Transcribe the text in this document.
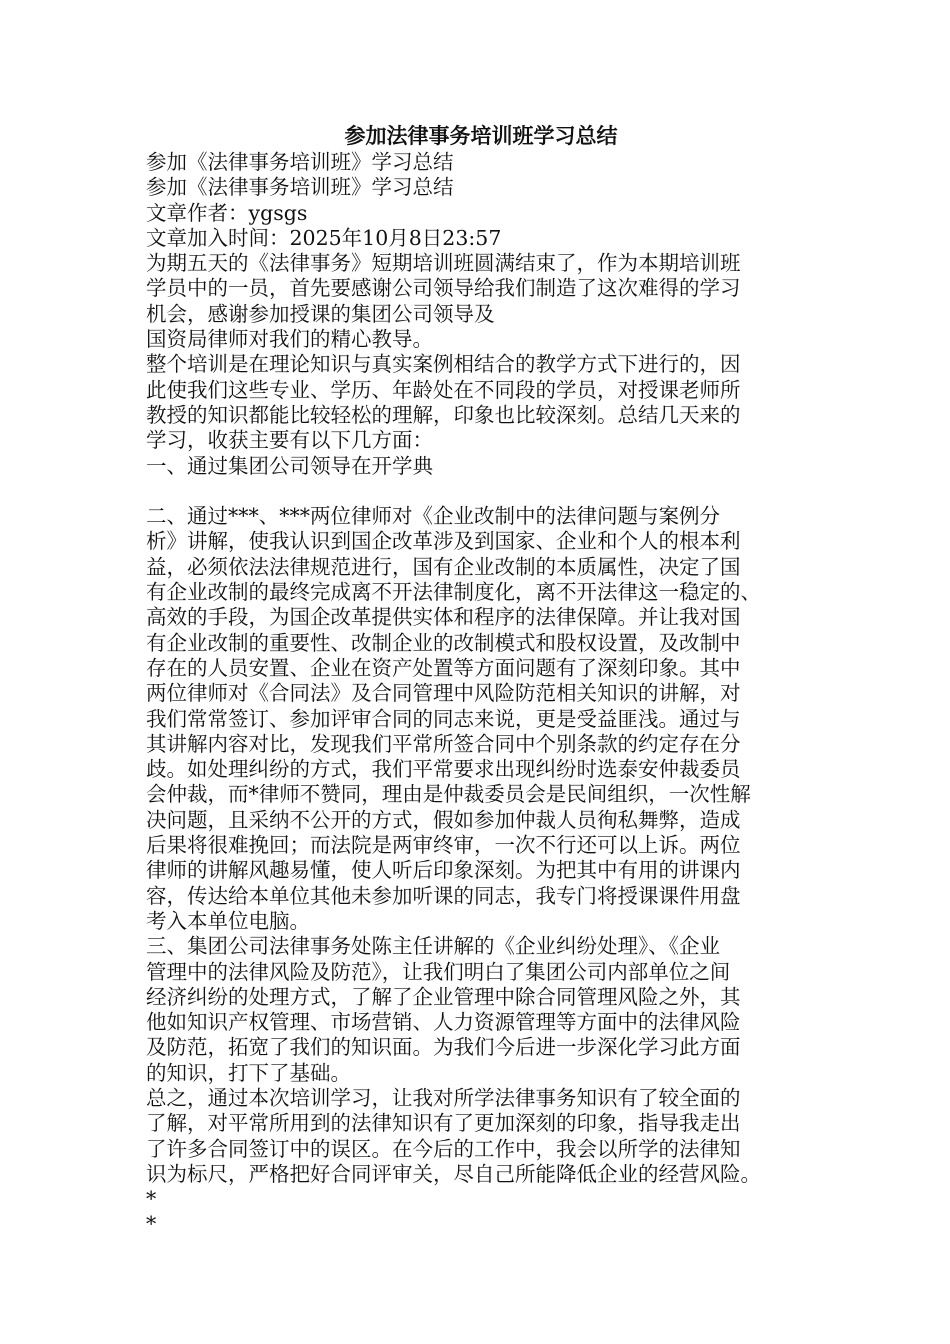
参加法律事务培训班学习总结
参加《法律事务培训班》学习总结
参加《法律事务培训班》学习总结
文章作者：ygsgs
文章加入时间：2025年10月8日23:57
为期五天的《法律事务》短期培训班圆满结束了，作为本期培训班
学员中的一员，首先要感谢公司领导给我们制造了这次难得的学习
机会，感谢参加授课的集团公司领导及
国资局律师对我们的精心教导。
整个培训是在理论知识与真实案例相结合的教学方式下进行的，因
此使我们这些专业、学历、年龄处在不同段的学员，对授课老师所
教授的知识都能比较轻松的理解，印象也比较深刻。总结几天来的
学习，收获主要有以下几方面：
一、通过集团公司领导在开学典
二、通过***、***两位律师对《企业改制中的法律问题与案例分
析》讲解，使我认识到国企改革涉及到国家、企业和个人的根本利
益，必须依法法律规范进行，国有企业改制的本质属性，决定了国
有企业改制的最终完成离不开法律制度化，离不开法律这一稳定的、
高效的手段，为国企改革提供实体和程序的法律保障。并让我对国
有企业改制的重要性、改制企业的改制模式和股权设置，及改制中
存在的人员安置、企业在资产处置等方面问题有了深刻印象。其中
两位律师对《合同法》及合同管理中风险防范相关知识的讲解，对
我们常常签订、参加评审合同的同志来说，更是受益匪浅。通过与
其讲解内容对比，发现我们平常所签合同中个别条款的约定存在分
歧。如处理纠纷的方式，我们平常要求出现纠纷时选泰安仲裁委员
会仲裁，而*律师不赞同，理由是仲裁委员会是民间组织，一次性解
决问题，且采纳不公开的方式，假如参加仲裁人员徇私舞弊，造成
后果将很难挽回；而法院是两审终审，一次不行还可以上诉。两位
律师的讲解风趣易懂，使人听后印象深刻。为把其中有用的讲课内
容，传达给本单位其他未参加听课的同志，我专门将授课课件用盘
考入本单位电脑。
三、集团公司法律事务处陈主任讲解的《企业纠纷处理》、《企业
管理中的法律风险及防范》，让我们明白了集团公司内部单位之间
经济纠纷的处理方式，了解了企业管理中除合同管理风险之外，其
他如知识产权管理、市场营销、人力资源管理等方面中的法律风险
及防范，拓宽了我们的知识面。为我们今后进一步深化学习此方面
的知识，打下了基础。
总之，通过本次培训学习，让我对所学法律事务知识有了较全面的
了解，对平常所用到的法律知识有了更加深刻的印象，指导我走出
了许多合同签订中的误区。在今后的工作中，我会以所学的法律知
识为标尺，严格把好合同评审关，尽自己所能降低企业的经营风险。
*
*
